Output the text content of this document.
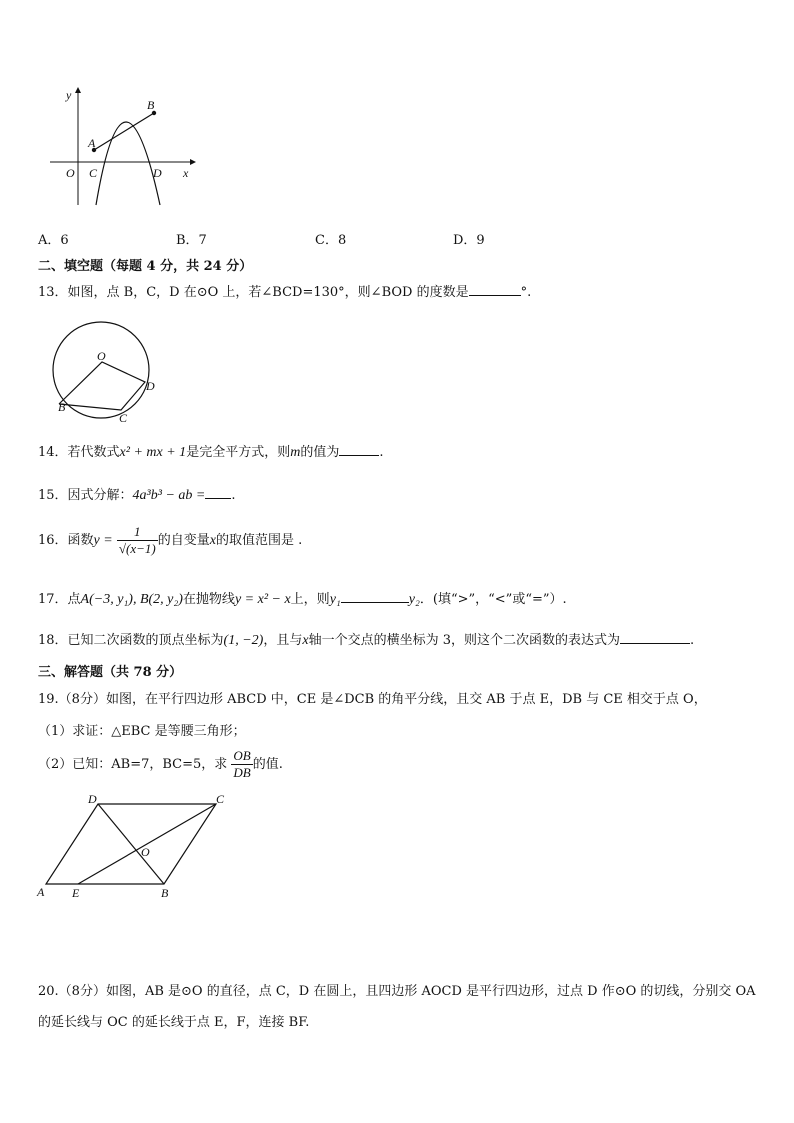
y
x
O
A
B
C	D
A．6	B．7	C．8	D．9
二、填空题（每题 4 分，共 24 分）
13．如图，点 B，C，D 在⊙O 上，若∠BCD=130°，则∠BOD 的度数是	°.
O
B
C
D
14．若代数式x² + mx + 1是完全平方式，则m的值为	.
15．因式分解：4a³b³ − ab = .
16．函数$y = \frac{1}{√(x-1)}$ 的自变量x的取值范围是 .
17．点A(−3, y₁), B(2, y₂)在抛物线y = x² − x上，则y₁	y₂．(填“>”，“<”或“=”）.
18．已知二次函数的顶点坐标为(1, −2)，且与x轴一个交点的横坐标为 3，则这个二次函数的表达式为	.
三、解答题（共 78 分）
19.（8分）如图，在平行四边形 ABCD 中，CE 是∠DCB 的角平分线，且交 AB 于点 E，DB 与 CE 相交于点 O，
（1）求证：△EBC 是等腰三角形；
（2）已知：AB=7，BC=5，求 $\frac{OB}{DB}$ 的值.
A E	B
C
D
O
20.（8分）如图，AB 是⊙O 的直径，点 C，D 在圆上，且四边形 AOCD 是平行四边形，过点 D 作⊙O 的切线，分别交 OA
的延长线与 OC 的延长线于点 E，F，连接 BF.
